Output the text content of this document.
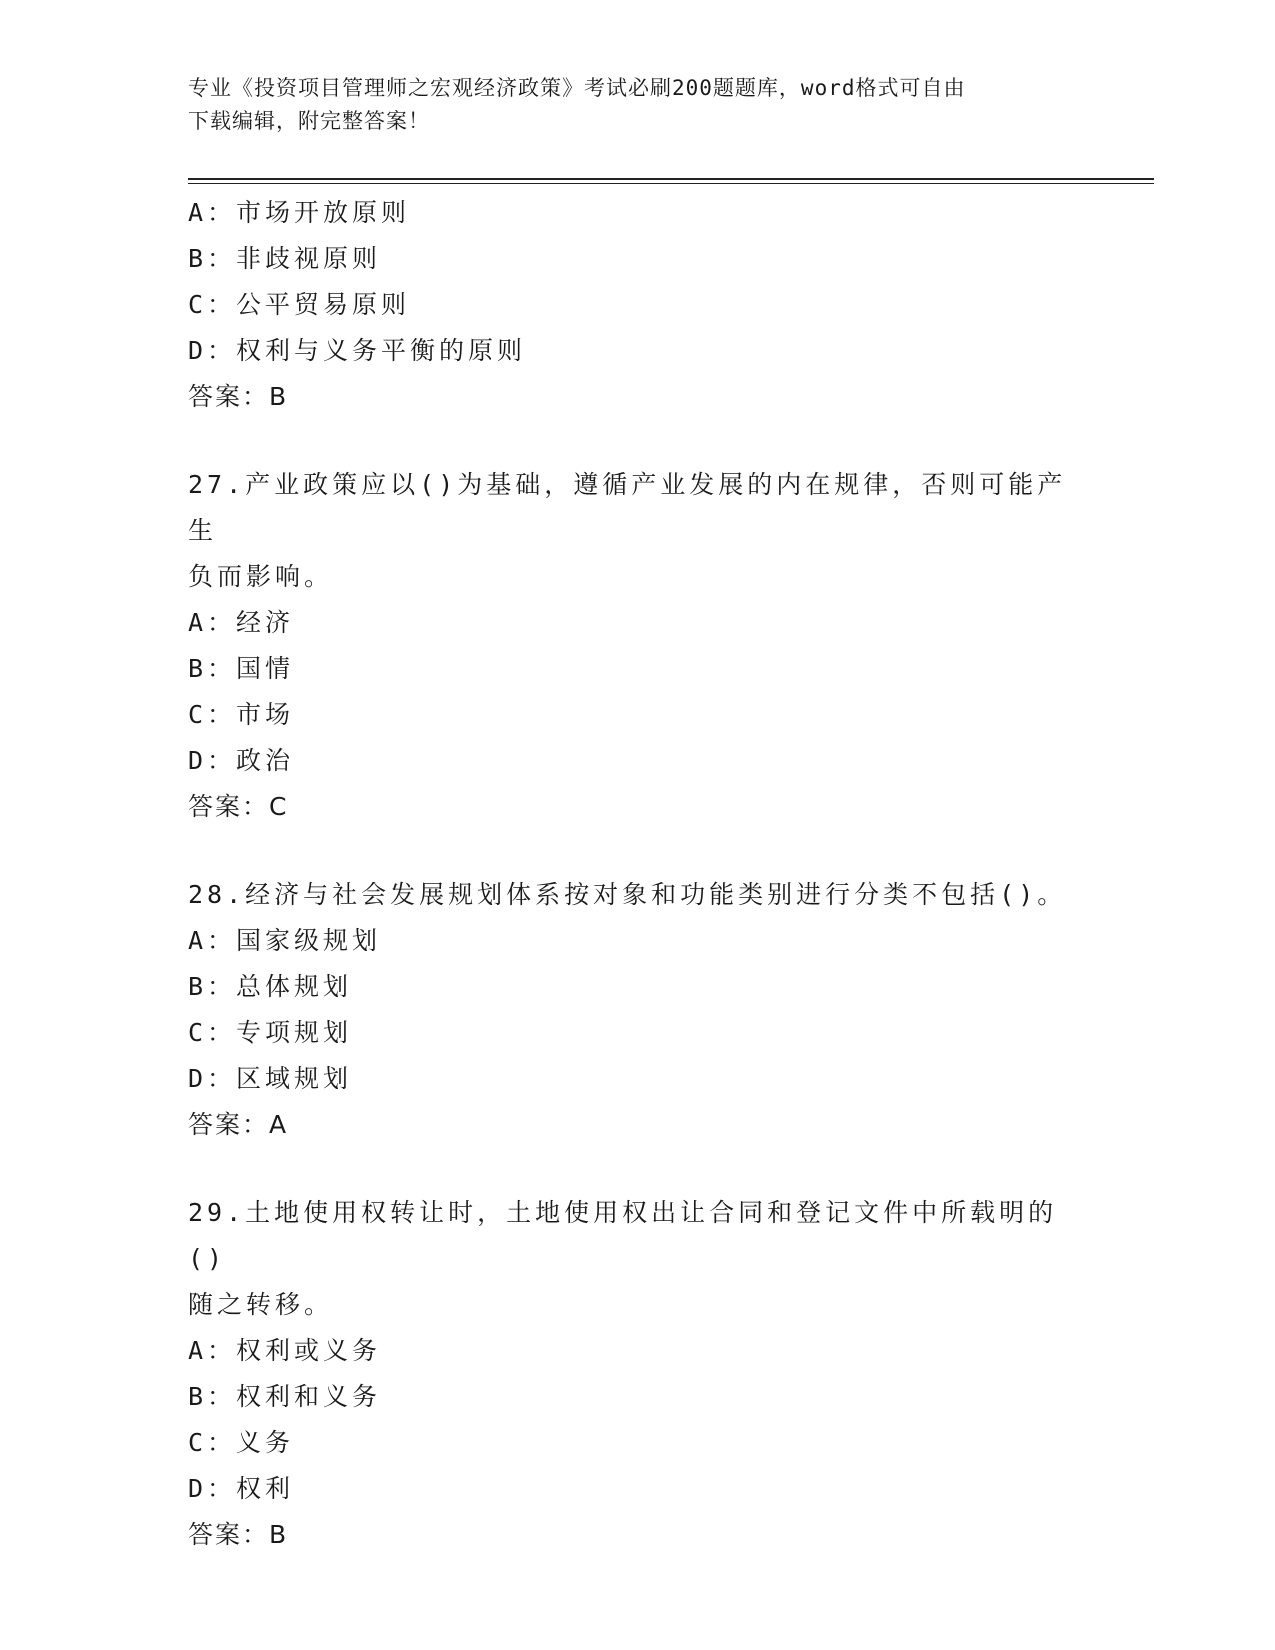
专业《投资项目管理师之宏观经济政策》考试必刷200题题库，word格式可自由
下载编辑，附完整答案！

A：市场开放原则

B：非歧视原则

C：公平贸易原则

D：权利与义务平衡的原则

答案：B

27.产业政策应以()为基础，遵循产业发展的内在规律，否则可能产生

负而影响。

A：经济

B：国情

C：市场

D：政治

答案：C

28.经济与社会发展规划体系按对象和功能类别进行分类不包括()。

A：国家级规划

B：总体规划

C：专项规划

D：区域规划

答案：A

29.土地使用权转让时，土地使用权出让合同和登记文件中所载明的()

随之转移。

A：权利或义务

B：权利和义务

C：义务

D：权利

答案：B
